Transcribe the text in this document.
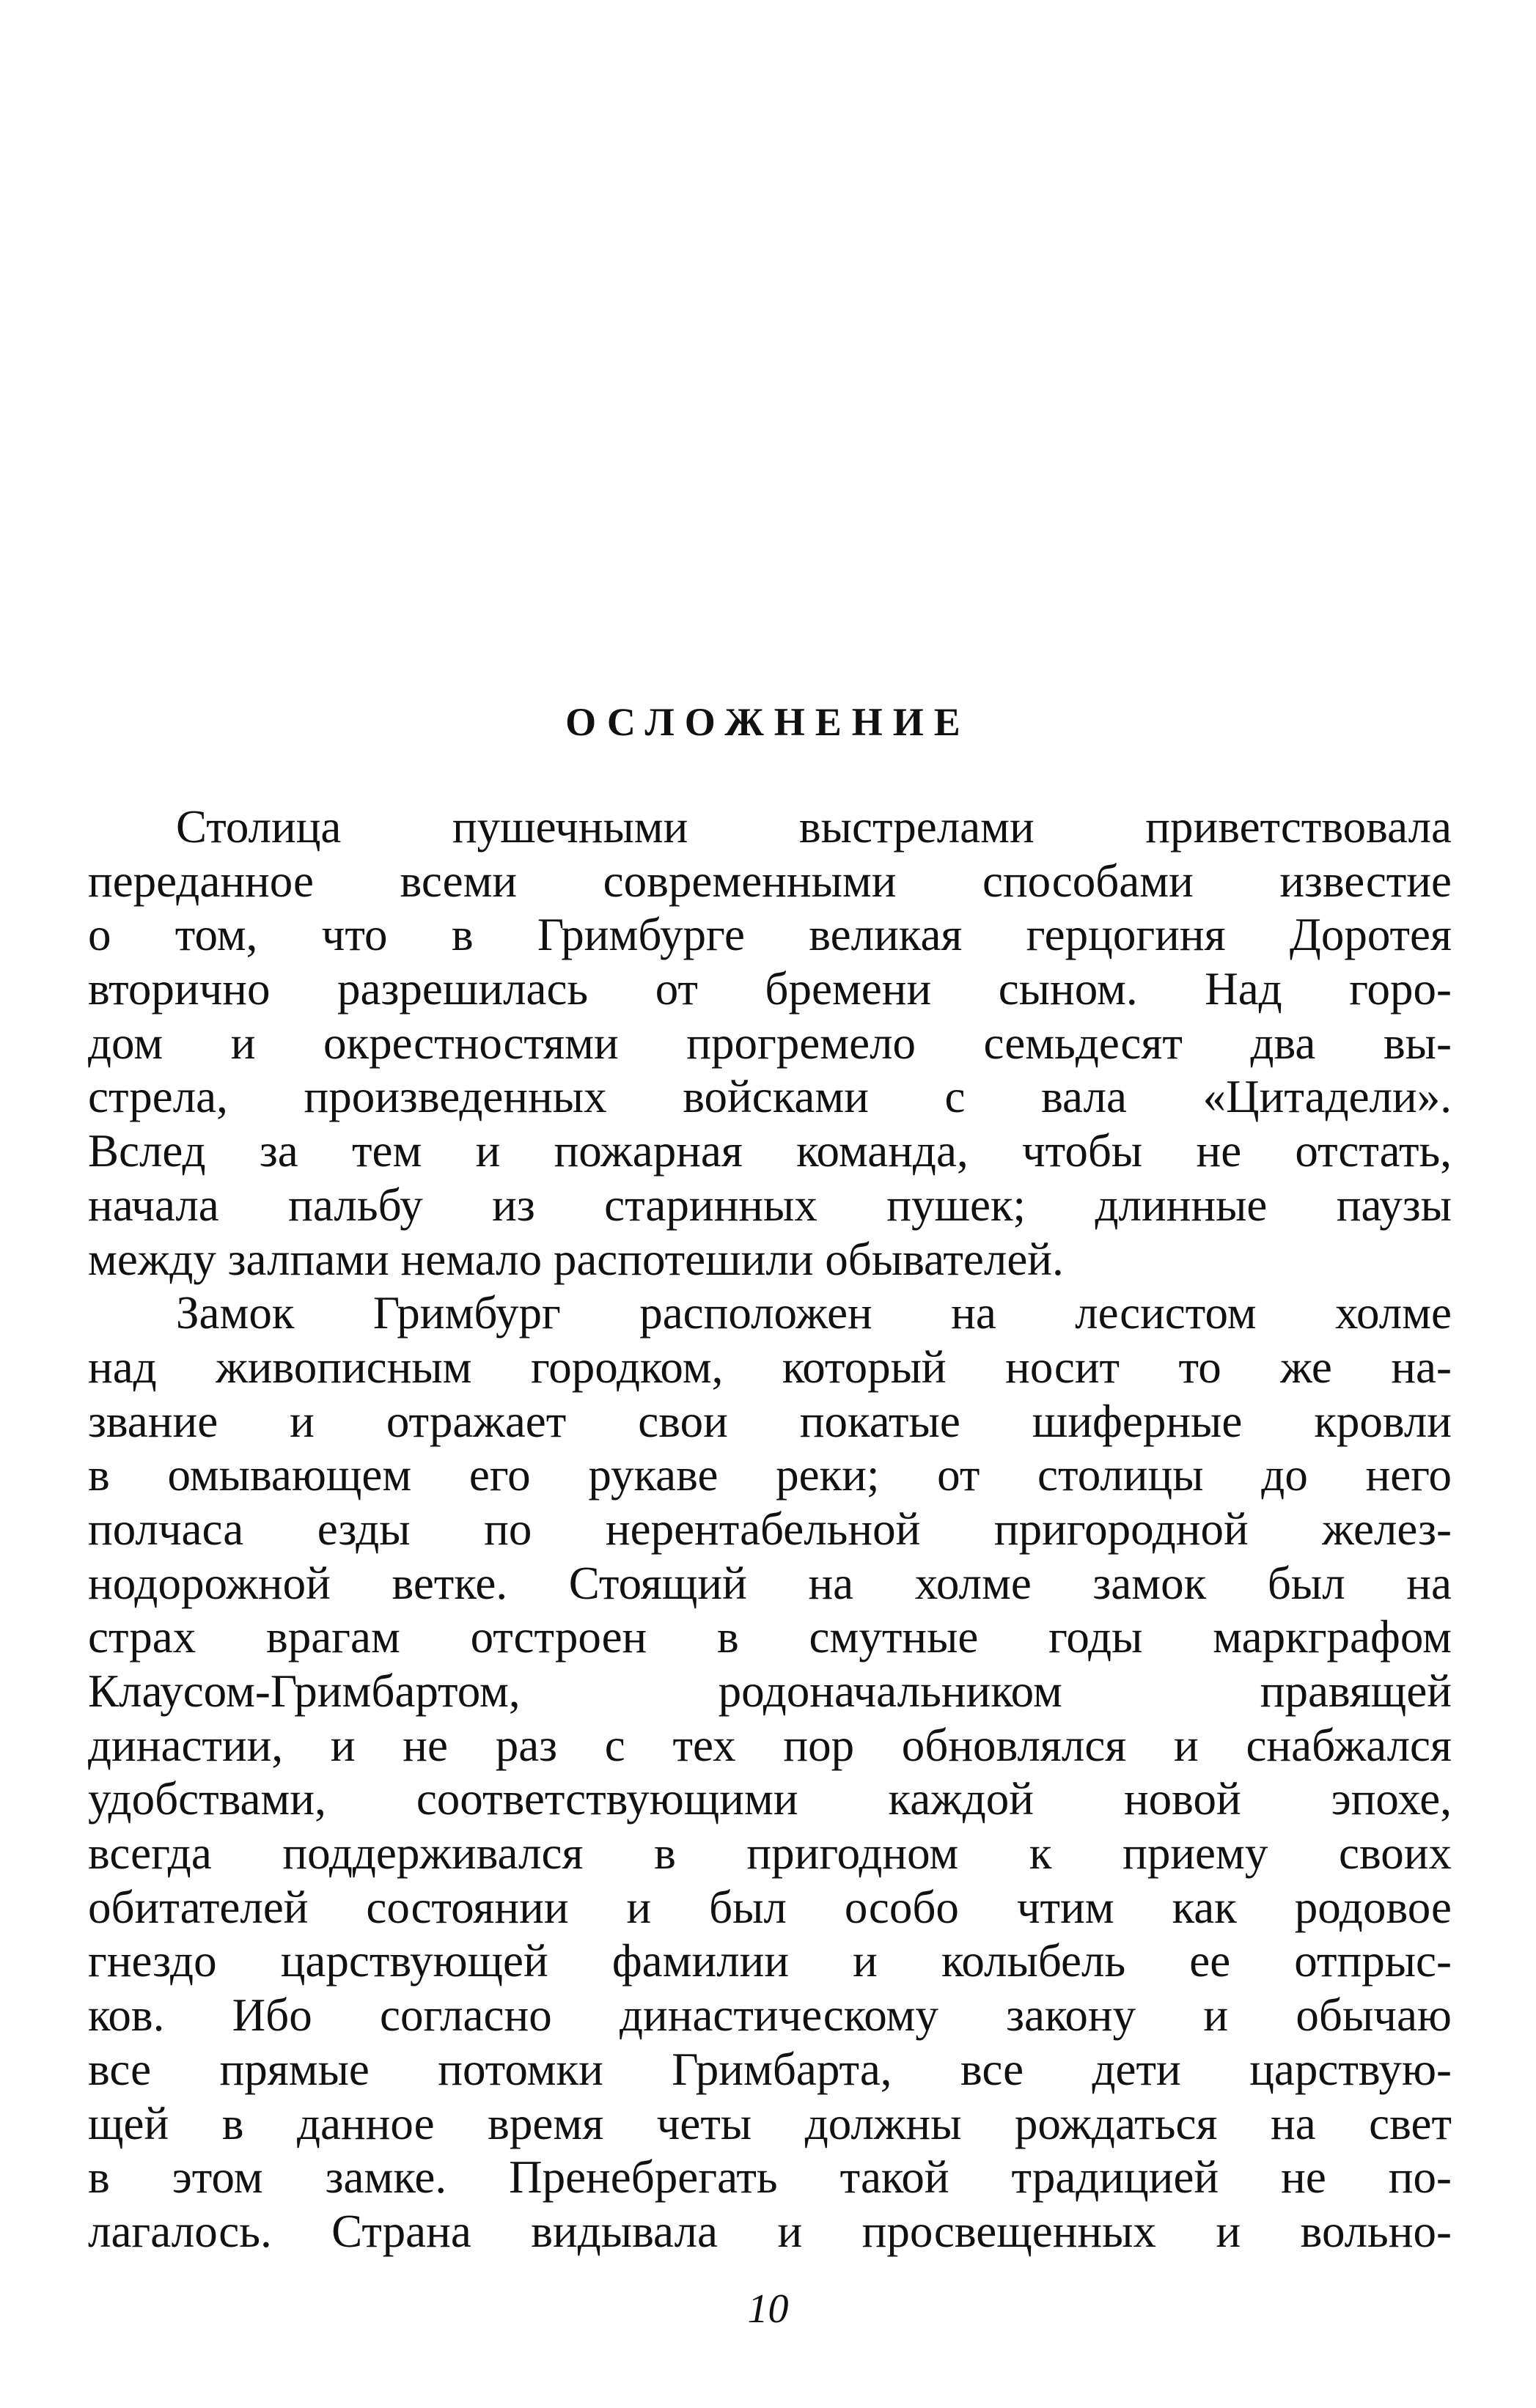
ОСЛОЖНЕНИЕ
Столица пушечными выстрелами приветствовала
переданное всеми современными способами известие
о том, что в Гримбурге великая герцогиня Доротея
вторично разрешилась от бремени сыном. Над горо-
дом и окрестностями прогремело семьдесят два вы-
стрела, произведенных войсками с вала «Цитадели».
Вслед за тем и пожарная команда, чтобы не отстать,
начала пальбу из старинных пушек; длинные паузы
между залпами немало распотешили обывателей.
Замок Гримбург расположен на лесистом холме
над живописным городком, который носит то же на-
звание и отражает свои покатые шиферные кровли
в омывающем его рукаве реки; от столицы до него
полчаса езды по нерентабельной пригородной желез-
нодорожной ветке. Стоящий на холме замок был на
страх врагам отстроен в смутные годы маркграфом
Клаусом-Гримбартом, родоначальником правящей
династии, и не раз с тех пор обновлялся и снабжался
удобствами, соответствующими каждой новой эпохе,
всегда поддерживался в пригодном к приему своих
обитателей состоянии и был особо чтим как родовое
гнездо царствующей фамилии и колыбель ее отпрыс-
ков. Ибо согласно династическому закону и обычаю
все прямые потомки Гримбарта, все дети царствую-
щей в данное время четы должны рождаться на свет
в этом замке. Пренебрегать такой традицией не по-
лагалось. Страна видывала и просвещенных и вольно-

10
